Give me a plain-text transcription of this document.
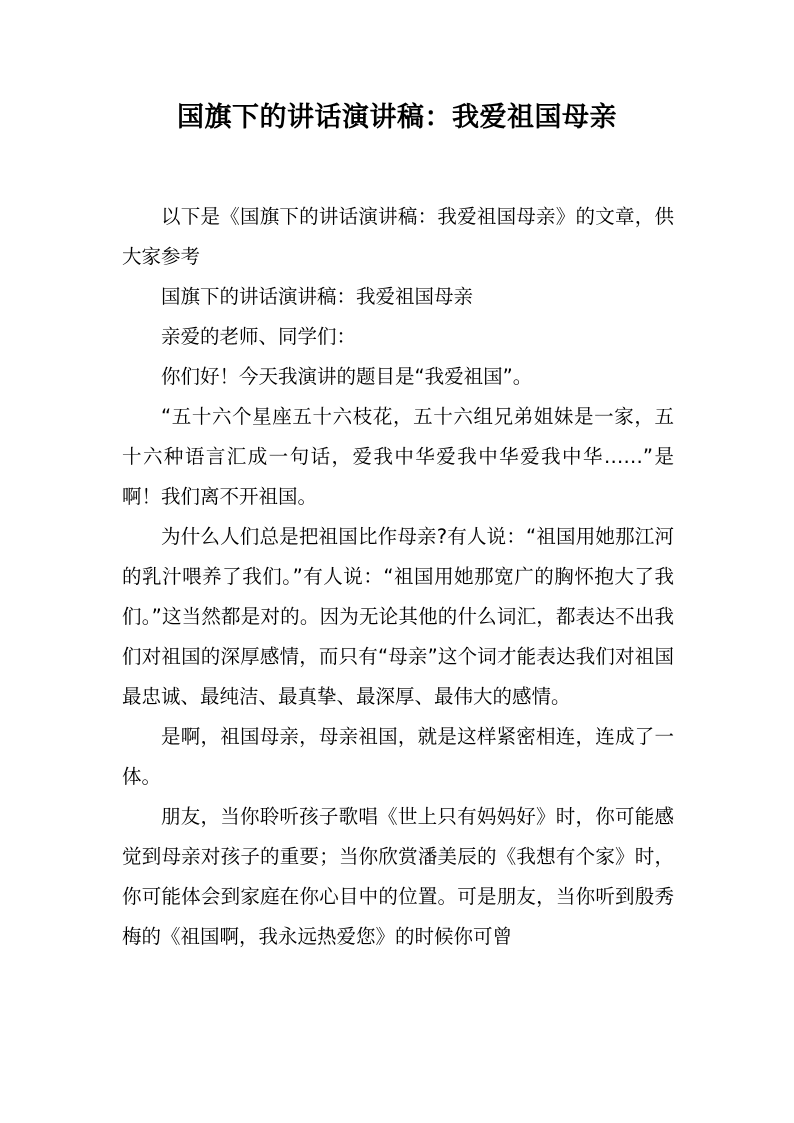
国旗下的讲话演讲稿：我爱祖国母亲

以下是《国旗下的讲话演讲稿：我爱祖国母亲》的文章，供大家参考

国旗下的讲话演讲稿：我爱祖国母亲

亲爱的老师、同学们：

你们好！今天我演讲的题目是“我爱祖国”。

“五十六个星座五十六枝花，五十六组兄弟姐妹是一家，五十六种语言汇成一句话，爱我中华爱我中华爱我中华……”是啊！我们离不开祖国。

为什么人们总是把祖国比作母亲?有人说：“祖国用她那江河的乳汁喂养了我们。”有人说：“祖国用她那宽广的胸怀抱大了我们。”这当然都是对的。因为无论其他的什么词汇，都表达不出我们对祖国的深厚感情，而只有“母亲”这个词才能表达我们对祖国最忠诚、最纯洁、最真挚、最深厚、最伟大的感情。

是啊，祖国母亲，母亲祖国，就是这样紧密相连，连成了一体。

朋友，当你聆听孩子歌唱《世上只有妈妈好》时，你可能感觉到母亲对孩子的重要；当你欣赏潘美辰的《我想有个家》时，你可能体会到家庭在你心目中的位置。可是朋友，当你听到殷秀梅的《祖国啊，我永远热爱您》的时候你可曾
